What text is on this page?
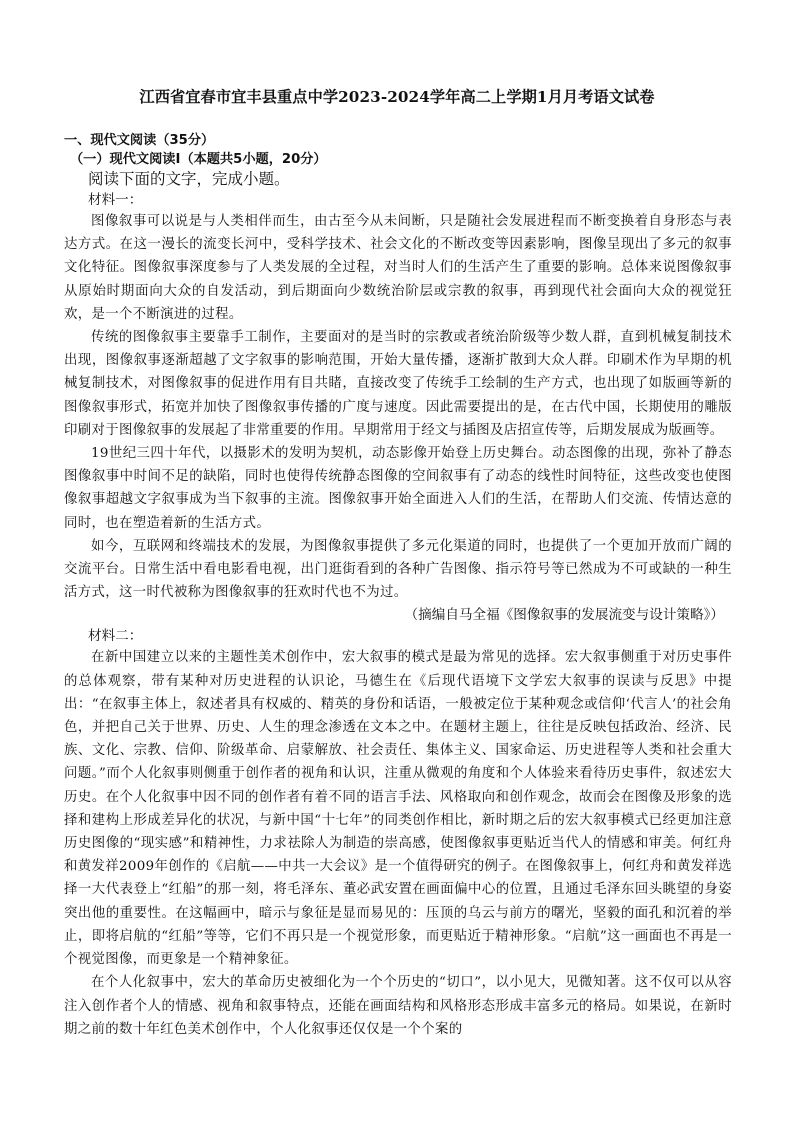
江西省宜春市宜丰县重点中学2023-2024学年高二上学期1月月考语文试卷
一、现代文阅读（35分）
（一）现代文阅读Ⅰ（本题共5小题，20分）
阅读下面的文字，完成小题。
材料一：

图像叙事可以说是与人类相伴而生，由古至今从未间断，只是随社会发展进程而不断变换着自身形态与表达方式。在这一漫长的流变长河中，受科学技术、社会文化的不断改变等因素影响，图像呈现出了多元的叙事文化特征。图像叙事深度参与了人类发展的全过程，对当时人们的生活产生了重要的影响。总体来说图像叙事从原始时期面向大众的自发活动，到后期面向少数统治阶层或宗教的叙事，再到现代社会面向大众的视觉狂欢，是一个不断演进的过程。

传统的图像叙事主要靠手工制作，主要面对的是当时的宗教或者统治阶级等少数人群，直到机械复制技术出现，图像叙事逐渐超越了文字叙事的影响范围，开始大量传播，逐渐扩散到大众人群。印刷术作为早期的机械复制技术，对图像叙事的促进作用有目共睹，直接改变了传统手工绘制的生产方式，也出现了如版画等新的图像叙事形式，拓宽并加快了图像叙事传播的广度与速度。因此需要提出的是，在古代中国，长期使用的雕版印刷对于图像叙事的发展起了非常重要的作用。早期常用于经文与插图及店招宣传等，后期发展成为版画等。

19世纪三四十年代，以摄影术的发明为契机，动态影像开始登上历史舞台。动态图像的出现，弥补了静态图像叙事中时间不足的缺陷，同时也使得传统静态图像的空间叙事有了动态的线性时间特征，这些改变也使图像叙事超越文字叙事成为当下叙事的主流。图像叙事开始全面进入人们的生活，在帮助人们交流、传情达意的同时，也在塑造着新的生活方式。

如今，互联网和终端技术的发展，为图像叙事提供了多元化渠道的同时，也提供了一个更加开放而广阔的交流平台。日常生活中看电影看电视，出门逛街看到的各种广告图像、指示符号等已然成为不可或缺的一种生活方式，这一时代被称为图像叙事的狂欢时代也不为过。

（摘编自马全福《图像叙事的发展流变与设计策略》）

材料二：

在新中国建立以来的主题性美术创作中，宏大叙事的模式是最为常见的选择。宏大叙事侧重于对历史事件的总体观察，带有某种对历史进程的认识论，马德生在《后现代语境下文学宏大叙事的误读与反思》中提出：“在叙事主体上，叙述者具有权威的、精英的身份和话语，一般被定位于某种观念或信仰‘代言人’的社会角色，并把自己关于世界、历史、人生的理念渗透在文本之中。在题材主题上，往往是反映包括政治、经济、民族、文化、宗教、信仰、阶级革命、启蒙解放、社会责任、集体主义、国家命运、历史进程等人类和社会重大问题。”而个人化叙事则侧重于创作者的视角和认识，注重从微观的角度和个人体验来看待历史事件，叙述宏大历史。在个人化叙事中因不同的创作者有着不同的语言手法、风格取向和创作观念，故而会在图像及形象的选择和建构上形成差异化的状况，与新中国“十七年”的同类创作相比，新时期之后的宏大叙事模式已经更加注意历史图像的“现实感”和精神性，力求祛除人为制造的崇高感，使图像叙事更贴近当代人的情感和审美。何红舟和黄发祥2009年创作的《启航——中共一大会议》是一个值得研究的例子。在图像叙事上，何红舟和黄发祥选择一大代表登上“红船”的那一刻，将毛泽东、董必武安置在画面偏中心的位置，且通过毛泽东回头眺望的身姿突出他的重要性。在这幅画中，暗示与象征是显而易见的：压顶的乌云与前方的曙光，坚毅的面孔和沉着的举止，即将启航的“红船”等等，它们不再只是一个视觉形象，而更贴近于精神形象。“启航”这一画面也不再是一个视觉图像，而更象是一个精神象征。

在个人化叙事中，宏大的革命历史被细化为一个个历史的“切口”，以小见大，见微知著。这不仅可以从容注入创作者个人的情感、视角和叙事特点，还能在画面结构和风格形态形成丰富多元的格局。如果说，在新时期之前的数十年红色美术创作中，个人化叙事还仅仅是一个个案的
